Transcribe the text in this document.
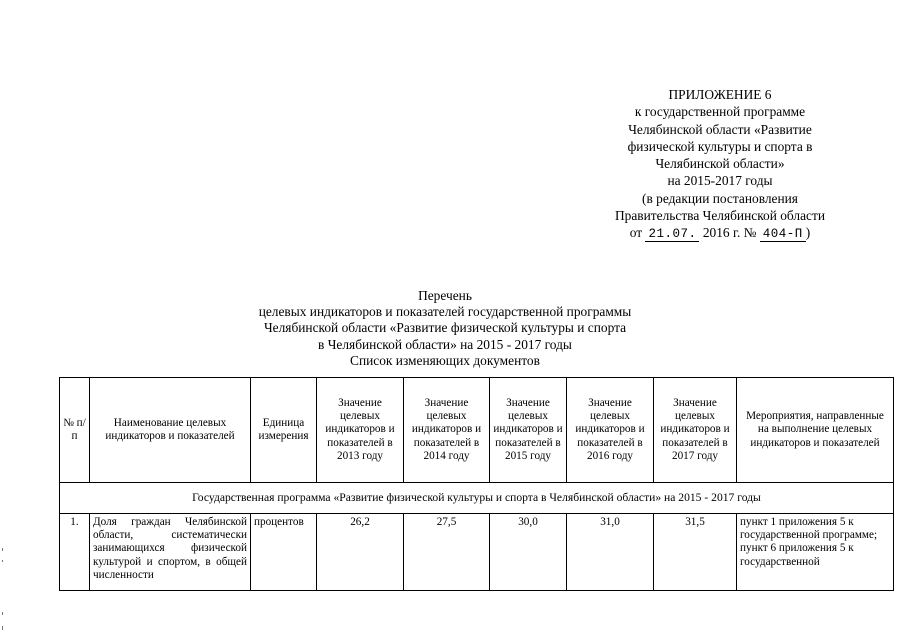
ПРИЛОЖЕНИЕ 6
к государственной программе
Челябинской области «Развитие
физической культуры и спорта в
Челябинской области»
на 2015-2017 годы
(в редакции постановления
Правительства Челябинской области
от 21.07. 2016 г. № 404-П )
Перечень
целевых индикаторов и показателей государственной программы
Челябинской области «Развитие физической культуры и спорта
в Челябинской области» на 2015 - 2017 годы
Список изменяющих документов
№ п/п	Наименование целевых индикаторов и показателей	Единица измерения	Значение целевых индикаторов и показателей в 2013 году	Значение целевых индикаторов и показателей в 2014 году	Значение целевых индикаторов и показателей в 2015 году	Значение целевых индикаторов и показателей в 2016 году	Значение целевых индикаторов и показателей в 2017 году	Мероприятия, направленные на выполнение целевых индикаторов и показателей
Государственная программа «Развитие физической культуры и спорта в Челябинской области» на 2015 - 2017 годы								
1.	Доля граждан Челябинской области, систематически занимающихся физической культурой и спортом, в общей численности	процентов	26,2	27,5	30,0	31,0	31,5	пункт 1 приложения 5 к государственной программе;
пункт 6 приложения 5 к государственной
